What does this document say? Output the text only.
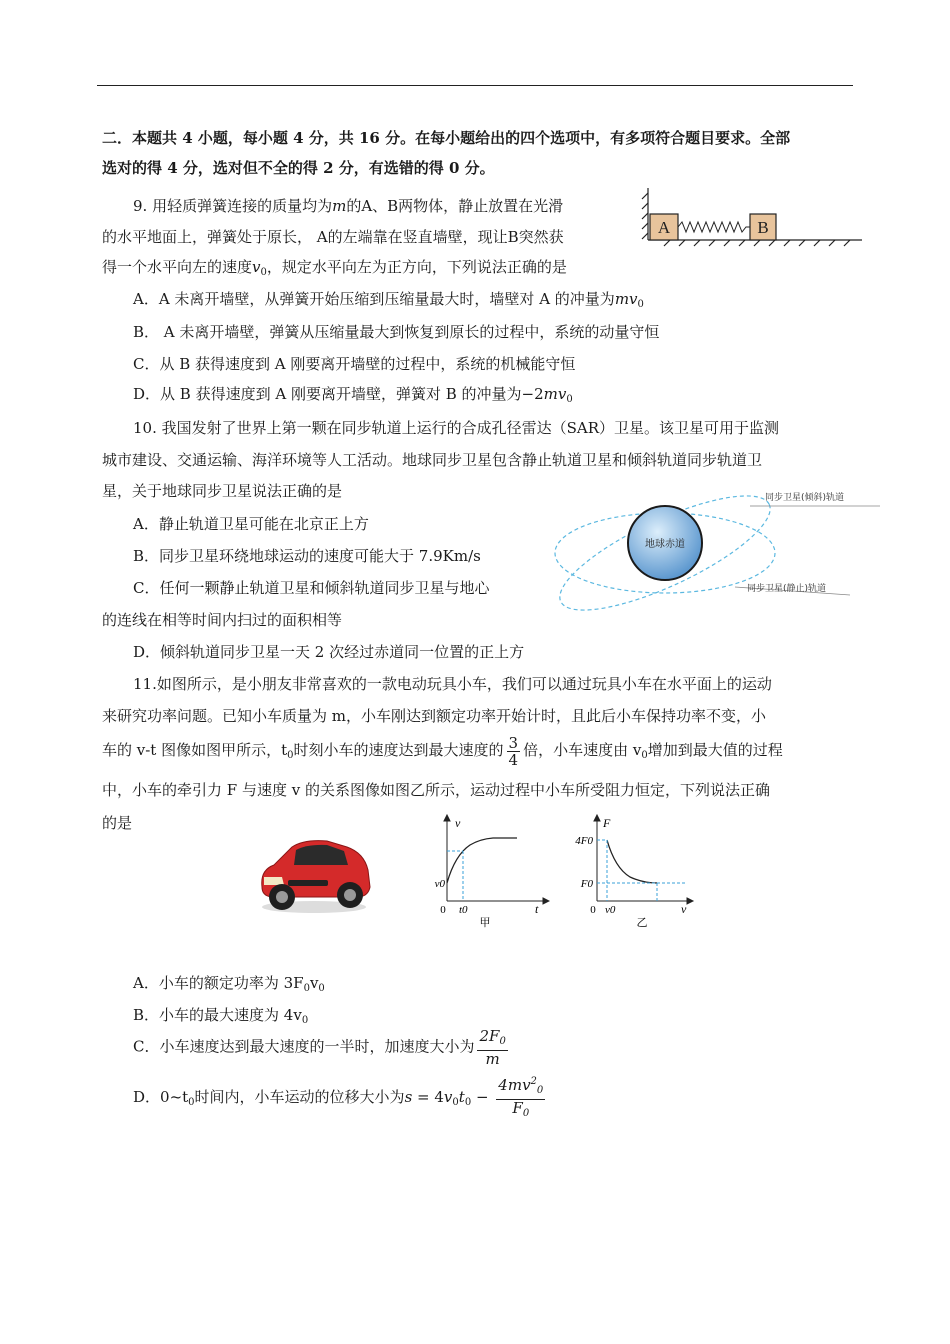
二．本题共 4 小题，每小题 4 分，共 16 分。在每小题给出的四个选项中，有多项符合题目要求。全部
选对的得 4 分，选对但不全的得 2 分，有选错的得 0 分。
9. 用轻质弹簧连接的质量均为m的A、B两物体，静止放置在光滑
的水平地面上，弹簧处于原长， A的左端靠在竖直墙壁，现让B突然获
得一个水平向左的速度$v_0$，规定水平向左为正方向，下列说法正确的是
A	B
A．A 未离开墙壁，从弹簧开始压缩到压缩量最大时，墙壁对 A 的冲量为$mv_0$
B． A 未离开墙壁，弹簧从压缩量最大到恢复到原长的过程中，系统的动量守恒
C．从 B 获得速度到 A 刚要离开墙壁的过程中，系统的机械能守恒
D．从 B 获得速度到 A 刚要离开墙壁，弹簧对 B 的冲量为$-2mv_0$
10. 我国发射了世界上第一颗在同步轨道上运行的合成孔径雷达（SAR）卫星。该卫星可用于监测
城市建设、交通运输、海洋环境等人工活动。地球同步卫星包含静止轨道卫星和倾斜轨道同步轨道卫
星，关于地球同步卫星说法正确的是
A．静止轨道卫星可能在北京正上方
B．同步卫星环绕地球运动的速度可能大于 7.9Km/s
C．任何一颗静止轨道卫星和倾斜轨道同步卫星与地心
的连线在相等时间内扫过的面积相等
D．倾斜轨道同步卫星一天 2 次经过赤道同一位置的正上方
地球赤道
同步卫星(倾斜)轨道
同步卫星(静止)轨道
11.如图所示，是小朋友非常喜欢的一款电动玩具小车，我们可以通过玩具小车在水平面上的运动
来研究功率问题。已知小车质量为 m，小车刚达到额定功率开始计时，且此后小车保持功率不变，小
车的 v-t 图像如图甲所示，$t_0$时刻小车的速度达到最大速度的 $\frac{3}{4}$ 倍，小车速度由 $v_0$增加到最大值的过程
中，小车的牵引力 F 与速度 v 的关系图像如图乙所示，运动过程中小车所受阻力恒定，下列说法正确
的是	v
t
v0
t0
0
甲
F
v
4F0
F0
v0
0
乙
A．小车的额定功率为 $3F_0v_0$
B．小车的最大速度为 $4v_0$
C．小车速度达到最大速度的一半时，加速度大小为 $\frac{2F_0}{m}$
D．$0\sim t_0$时间内，小车运动的位移大小为$s = 4v_0t_0 - \frac{4mv^2_0}{F_0}$
